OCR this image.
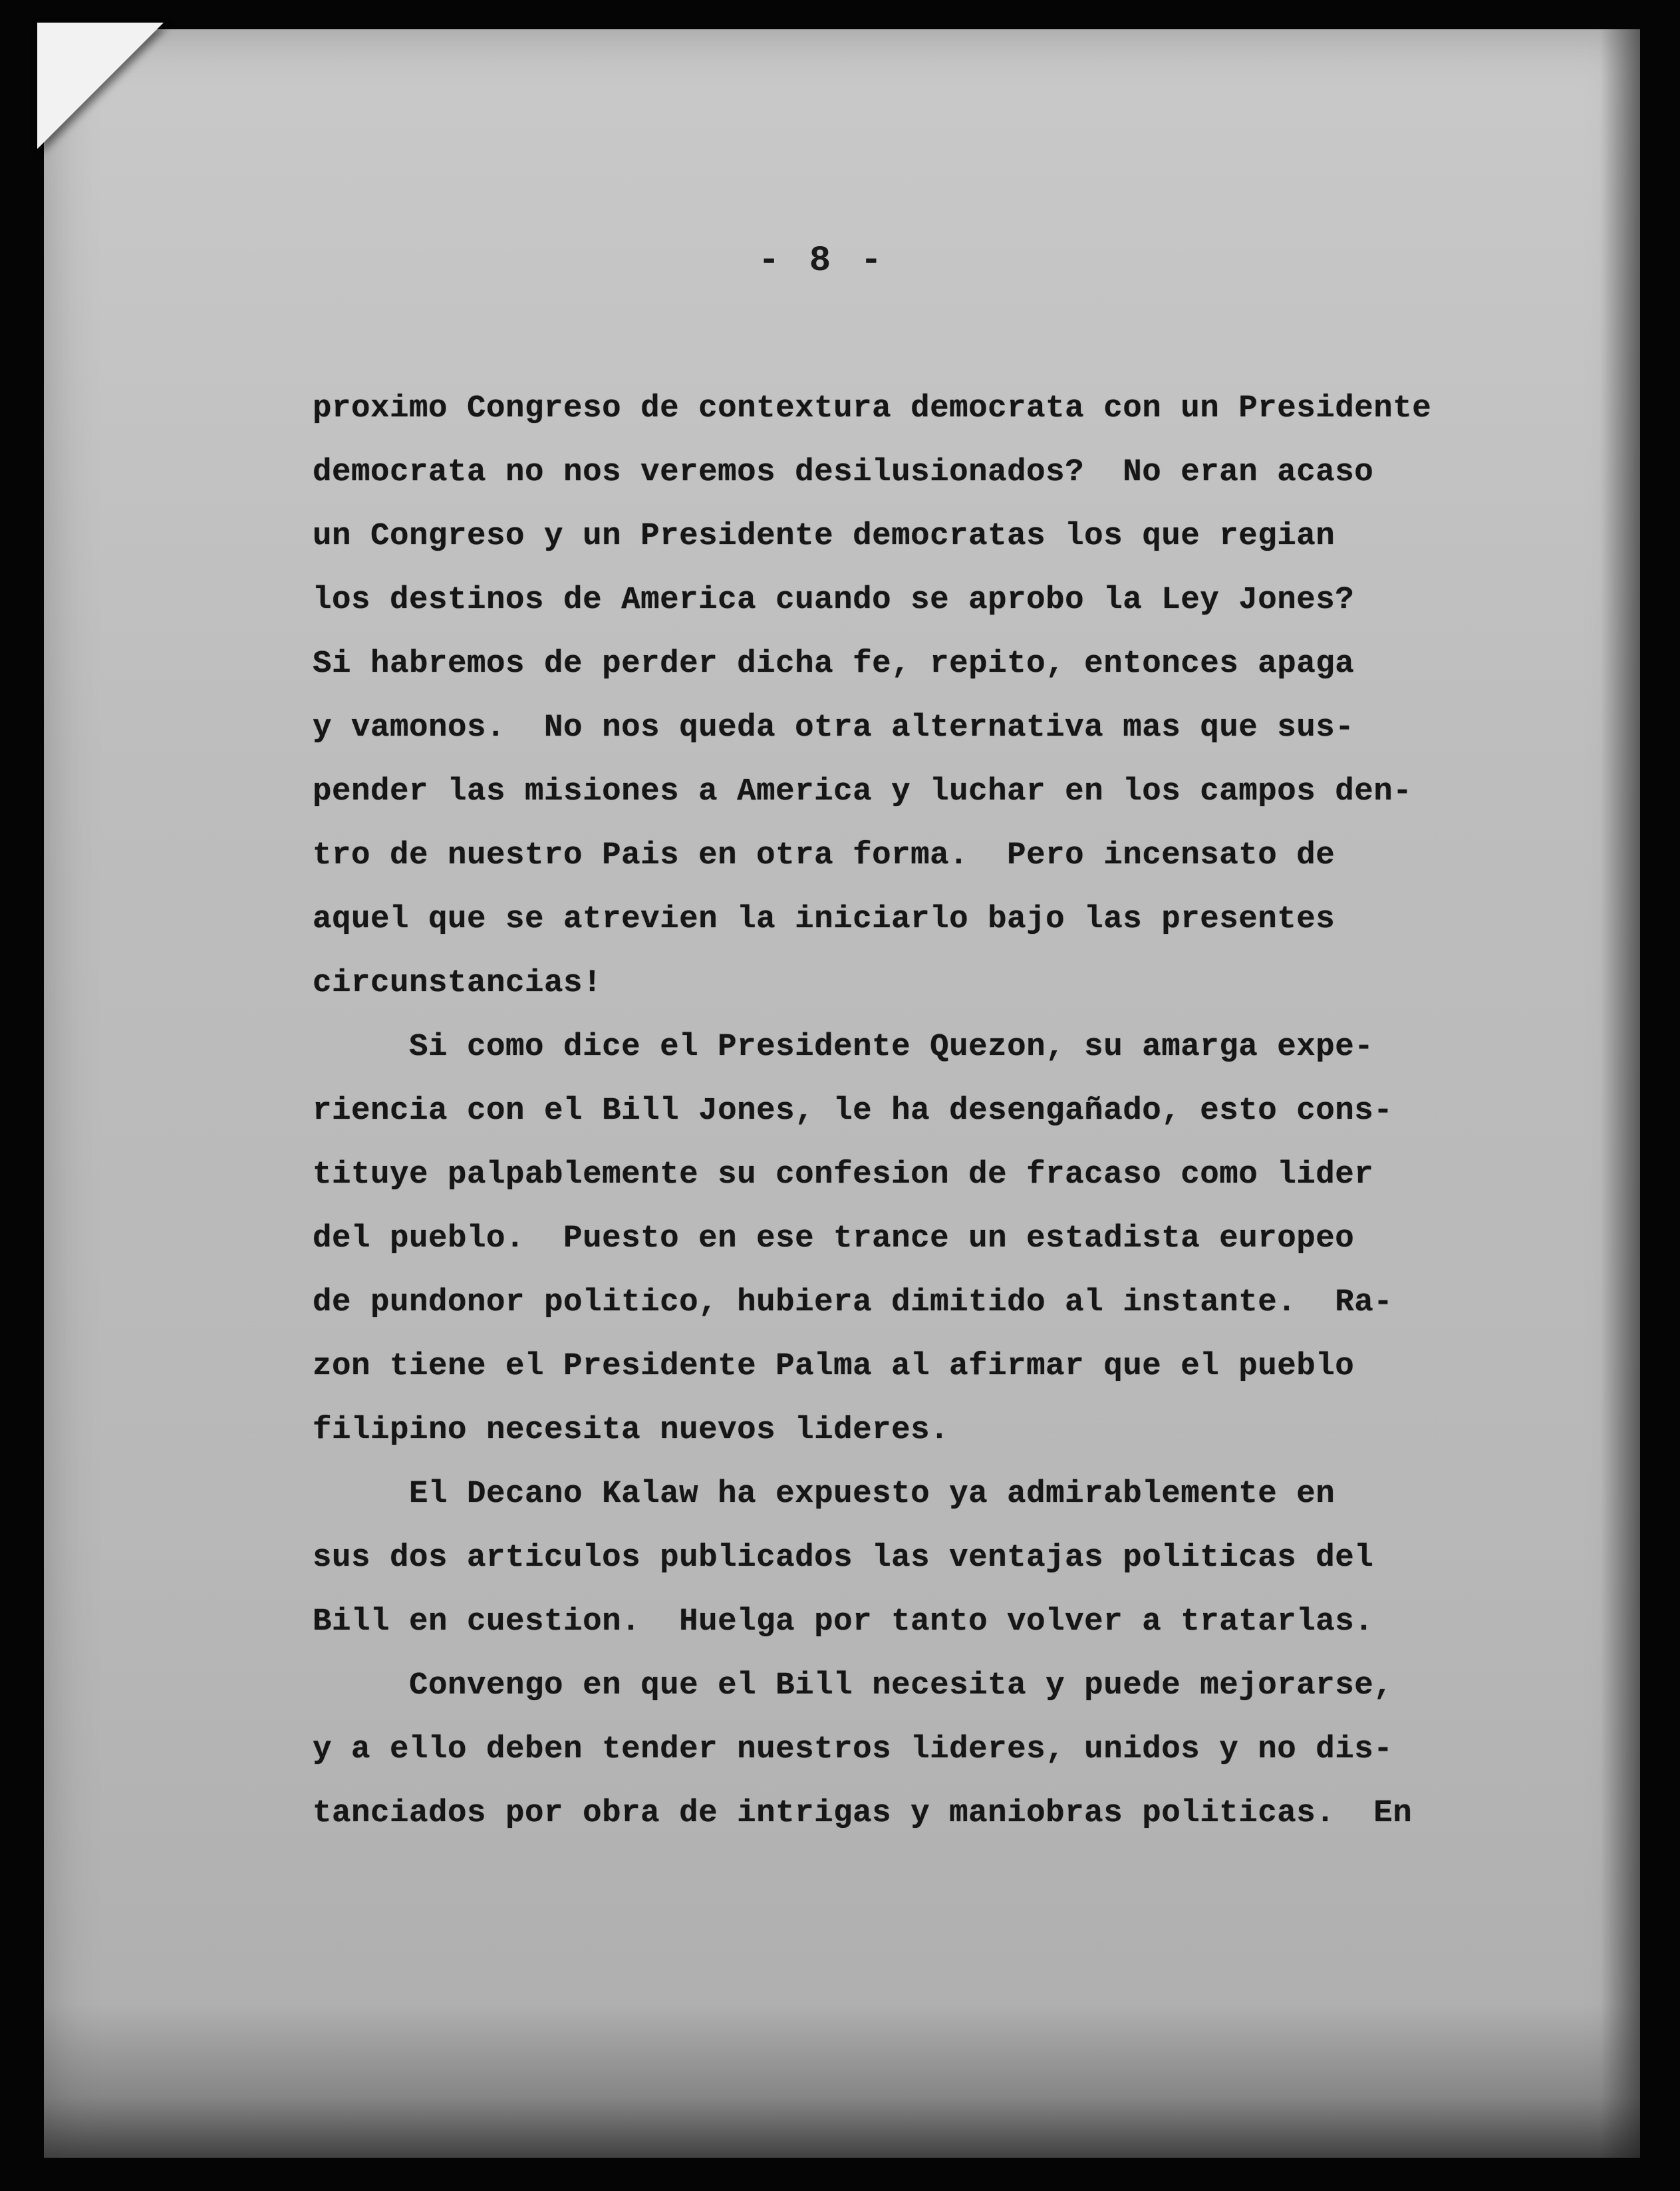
- 8 -
proximo Congreso de contextura democrata con un Presidente
democrata no nos veremos desilusionados?  No eran acaso
un Congreso y un Presidente democratas los que regian
los destinos de America cuando se aprobo la Ley Jones?
Si habremos de perder dicha fe, repito, entonces apaga
y vamonos.  No nos queda otra alternativa mas que sus-
pender las misiones a America y luchar en los campos den-
tro de nuestro Pais en otra forma.  Pero incensato de
aquel que se atrevien la iniciarlo bajo las presentes
circunstancias!
Si como dice el Presidente Quezon, su amarga expe-
riencia con el Bill Jones, le ha desengañado, esto cons-
tituye palpablemente su confesion de fracaso como lider
del pueblo.  Puesto en ese trance un estadista europeo
de pundonor politico, hubiera dimitido al instante.  Ra-
zon tiene el Presidente Palma al afirmar que el pueblo
filipino necesita nuevos lideres.
El Decano Kalaw ha expuesto ya admirablemente en
sus dos articulos publicados las ventajas politicas del
Bill en cuestion.  Huelga por tanto volver a tratarlas.
Convengo en que el Bill necesita y puede mejorarse,
y a ello deben tender nuestros lideres, unidos y no dis-
tanciados por obra de intrigas y maniobras politicas.  En
